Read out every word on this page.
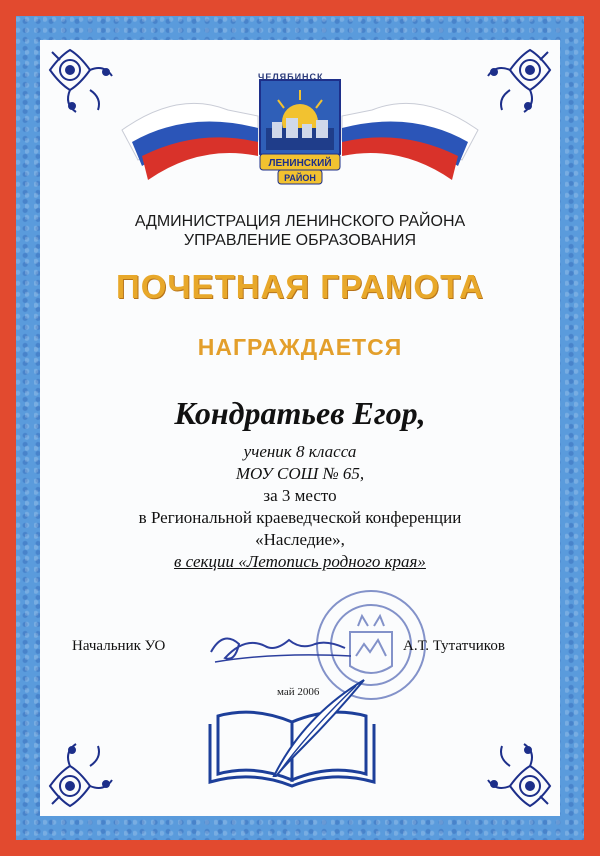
ЛЕНИНСКИЙ
РАЙОН
ЧЕЛЯБИНСК
АДМИНИСТРАЦИЯ ЛЕНИНСКОГО РАЙОНА
УПРАВЛЕНИЕ ОБРАЗОВАНИЯ
ПОЧЕТНАЯ ГРАМОТА
НАГРАЖДАЕТСЯ
Кондратьев Егор,
ученик 8 класса
МОУ СОШ № 65,
за 3 место
в Региональной краеведческой конференции
«Наследие»,
в секции «Летопись родного края»
Начальник УО	А.Т. Тутатчиков
май 2006
